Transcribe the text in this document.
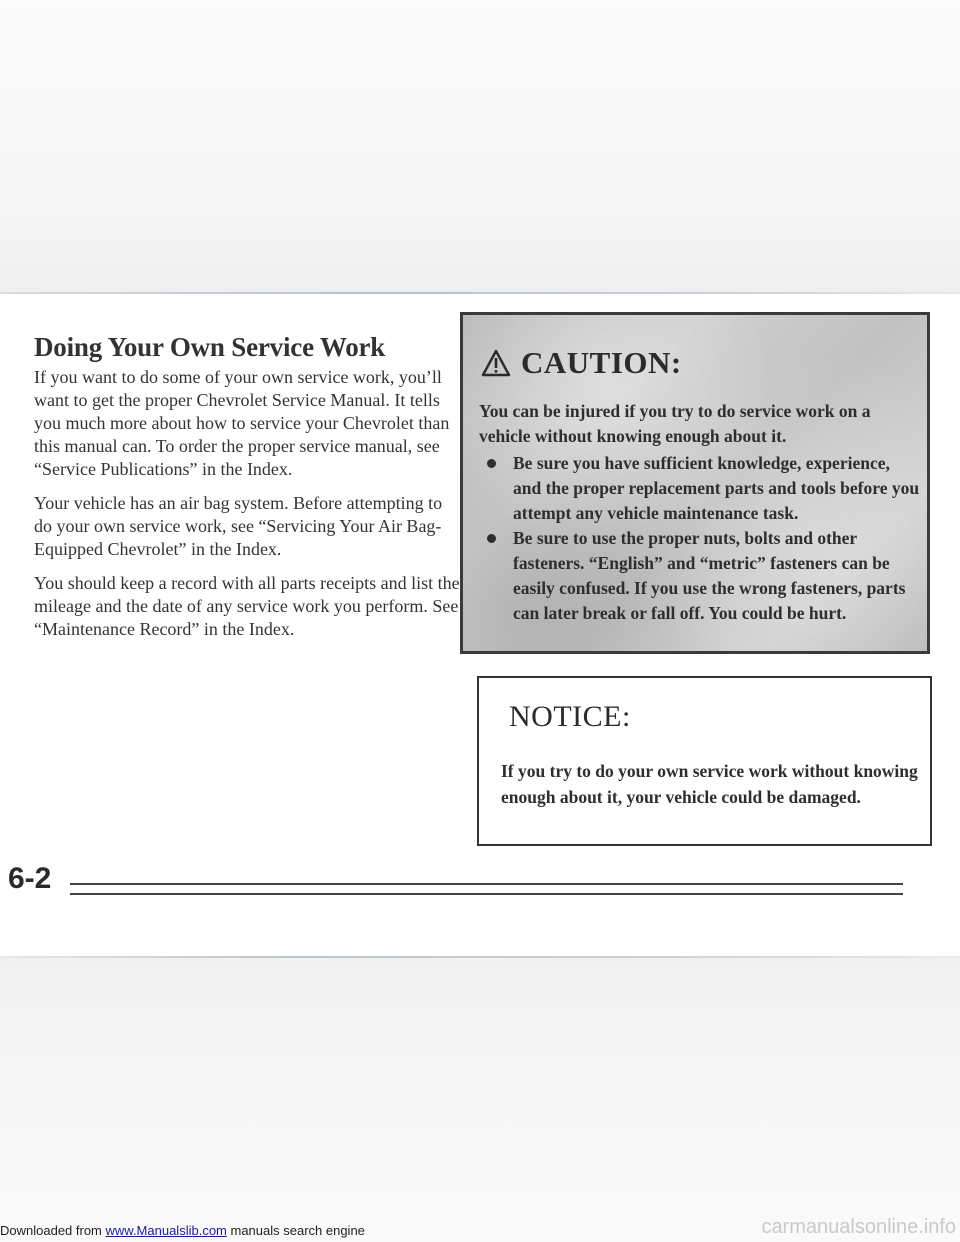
Doing Your Own Service Work

If you want to do some of your own service work, you’ll want to get the proper Chevrolet Service Manual. It tells you much more about how to service your Chevrolet than this manual can. To order the proper service manual, see “Service Publications” in the Index.

Your vehicle has an air bag system. Before attempting to do your own service work, see “Servicing Your Air Bag-Equipped Chevrolet” in the Index.

You should keep a record with all parts receipts and list the mileage and the date of any service work you perform. See “Maintenance Record” in the Index.

CAUTION:
You can be injured if you try to do service work on a vehicle without knowing enough about it.
Be sure you have sufficient knowledge, experience, and the proper replacement parts and tools before you attempt any vehicle maintenance task.
Be sure to use the proper nuts, bolts and other fasteners. “English” and “metric” fasteners can be easily confused. If you use the wrong fasteners, parts can later break or fall off. You could be hurt.
NOTICE:
If you try to do your own service work without knowing enough about it, your vehicle could be damaged.
6-2
Downloaded from www.Manualslib.com manuals search engine	carmanualsonline.info
